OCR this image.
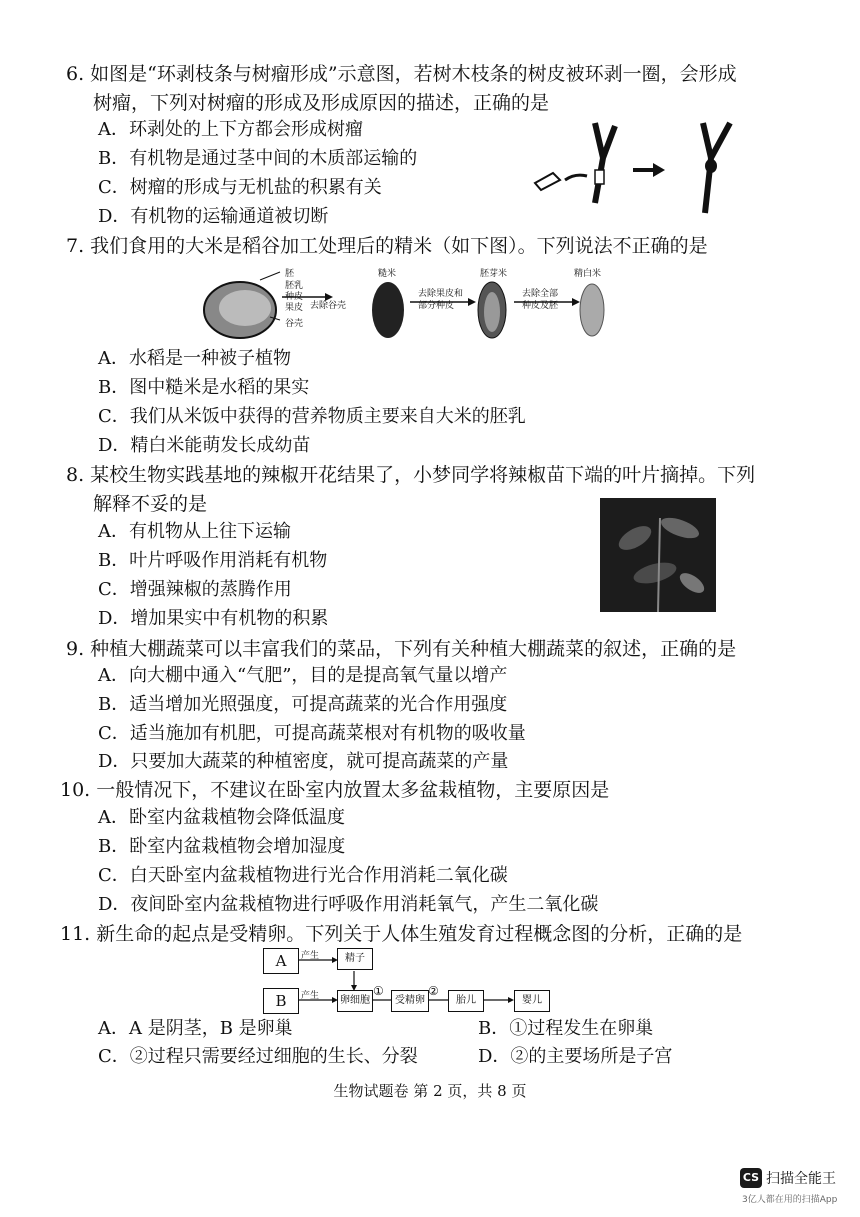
6. 如图是“环剥枝条与树瘤形成”示意图，若树木枝条的树皮被环剥一圈，会形成
树瘤，下列对树瘤的形成及形成原因的描述，正确的是
A．环剥处的上下方都会形成树瘤
B．有机物是通过茎中间的木质部运输的
C．树瘤的形成与无机盐的积累有关
D．有机物的运输通道被切断
7. 我们食用的大米是稻谷加工处理后的精米（如下图）。下列说法不正确的是
胚
胚乳
种皮
果皮
谷壳
去除谷壳
糙米
去除果皮和
部分种皮
胚芽米
去除全部
种皮及胚
精白米
A．水稻是一种被子植物
B．图中糙米是水稻的果实
C．我们从米饭中获得的营养物质主要来自大米的胚乳
D．精白米能萌发长成幼苗
8. 某校生物实践基地的辣椒开花结果了，小梦同学将辣椒苗下端的叶片摘掉。下列
解释不妥的是
A．有机物从上往下运输
B．叶片呼吸作用消耗有机物
C．增强辣椒的蒸腾作用
D．增加果实中有机物的积累
9. 种植大棚蔬菜可以丰富我们的菜品，下列有关种植大棚蔬菜的叙述，正确的是
A．向大棚中通入“气肥”，目的是提高氧气量以增产
B．适当增加光照强度，可提高蔬菜的光合作用强度
C．适当施加有机肥，可提高蔬菜根对有机物的吸收量
D．只要加大蔬菜的种植密度，就可提高蔬菜的产量
10. 一般情况下，不建议在卧室内放置太多盆栽植物，主要原因是
A．卧室内盆栽植物会降低温度
B．卧室内盆栽植物会增加湿度
C．白天卧室内盆栽植物进行光合作用消耗二氧化碳
D．夜间卧室内盆栽植物进行呼吸作用消耗氧气，产生二氧化碳
11. 新生命的起点是受精卵。下列关于人体生殖发育过程概念图的分析，正确的是
A	产生	精子
B	产生	卵细胞
①
受精卵
②
胎儿	婴儿
A．A 是阴茎，B 是卵巢	B．①过程发生在卵巢
C．②过程只需要经过细胞的生长、分裂	D．②的主要场所是子宫
生物试题卷 第 2 页，共 8 页
CS 扫描全能王
3亿人都在用的扫描App
